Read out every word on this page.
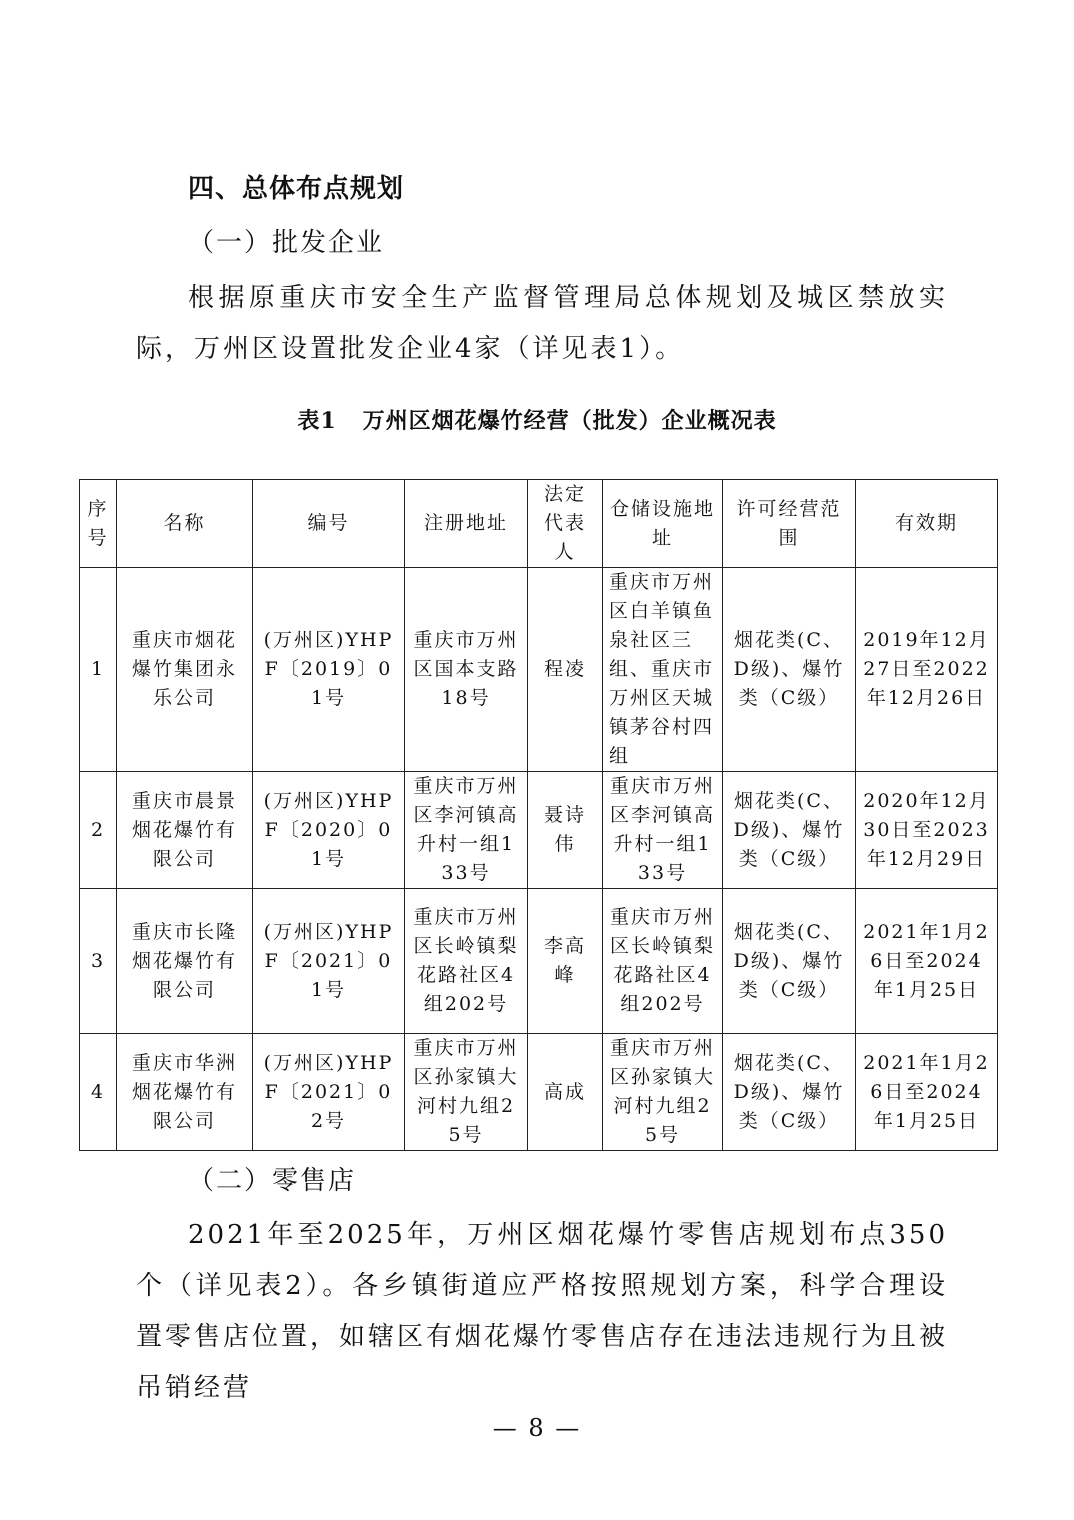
四、总体布点规划
（一）批发企业
根据原重庆市安全生产监督管理局总体规划及城区禁放实际，万州区设置批发企业4家（详见表1）。
表1 万州区烟花爆竹经营（批发）企业概况表
序号	名称	编号	注册地址	法定代表人	仓储设施地址	许可经营范围	有效期
1	重庆市烟花爆竹集团永乐公司	(万州区)YHPF〔2019〕01号	重庆市万州区国本支路18号	程凌	重庆市万州区白羊镇鱼泉社区三组、重庆市万州区天城镇茅谷村四组	烟花类(C、D级)、爆竹类（C级）	2019年12月27日至2022年12月26日
2	重庆市晨景烟花爆竹有限公司	(万州区)YHPF〔2020〕01号	重庆市万州区李河镇高升村一组133号	聂诗伟	重庆市万州区李河镇高升村一组133号	烟花类(C、D级)、爆竹类（C级）	2020年12月30日至2023年12月29日
3	重庆市长隆烟花爆竹有限公司	(万州区)YHPF〔2021〕01号	重庆市万州区长岭镇梨花路社区4组202号	李高峰	重庆市万州区长岭镇梨花路社区4组202号	烟花类(C、D级)、爆竹类（C级）	2021年1月26日至2024年1月25日
4	重庆市华洲烟花爆竹有限公司	(万州区)YHPF〔2021〕02号	重庆市万州区孙家镇大河村九组25号	高成	重庆市万州区孙家镇大河村九组25号	烟花类(C、D级)、爆竹类（C级）	2021年1月26日至2024年1月25日
（二）零售店
2021年至2025年，万州区烟花爆竹零售店规划布点350个（详见表2）。各乡镇街道应严格按照规划方案，科学合理设置零售店位置，如辖区有烟花爆竹零售店存在违法违规行为且被吊销经营
— 8 —
